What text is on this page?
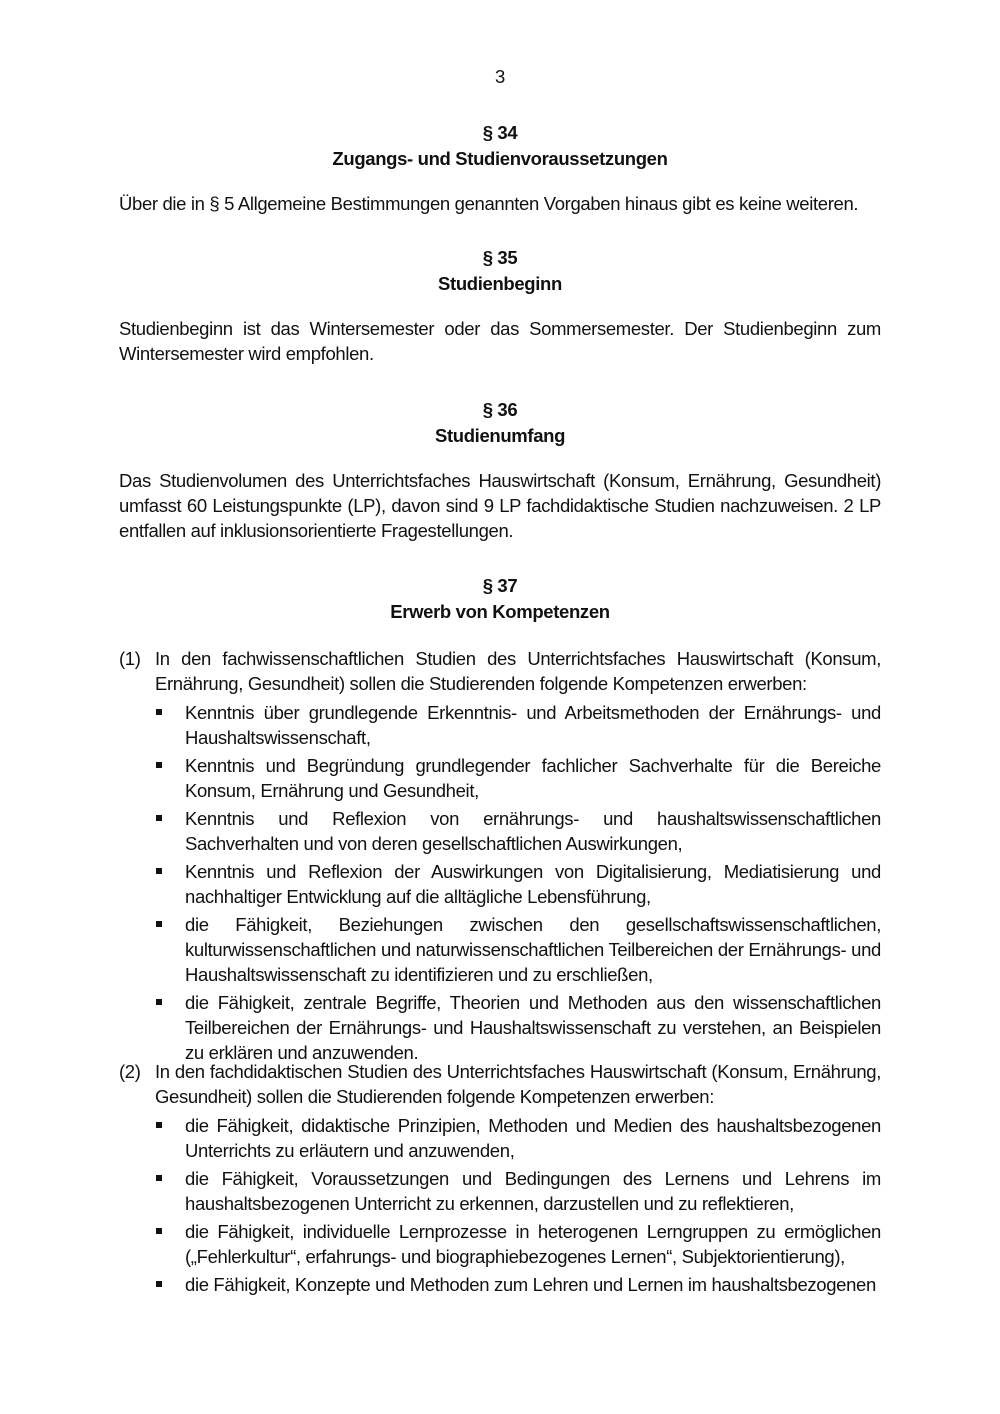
3

§ 34

Zugangs- und Studienvoraussetzungen

Über die in § 5 Allgemeine Bestimmungen genannten Vorgaben hinaus gibt es keine weiteren.

§ 35

Studienbeginn

Studienbeginn ist das Wintersemester oder das Sommersemester. Der Studienbeginn zum Wintersemester wird empfohlen.

§ 36

Studienumfang

Das Studienvolumen des Unterrichtsfaches Hauswirtschaft (Konsum, Ernährung, Gesundheit) umfasst 60 Leistungspunkte (LP), davon sind 9 LP fachdidaktische Studien nachzuweisen. 2 LP entfallen auf inklusionsorientierte Fragestellungen.

§ 37

Erwerb von Kompetenzen

(1) In den fachwissenschaftlichen Studien des Unterrichtsfaches Hauswirtschaft (Konsum, Ernährung, Gesundheit) sollen die Studierenden folgende Kompetenzen erwerben:

Kenntnis über grundlegende Erkenntnis- und Arbeitsmethoden der Ernährungs- und Haushaltswissenschaft,
Kenntnis und Begründung grundlegender fachlicher Sachverhalte für die Bereiche Konsum, Ernährung und Gesundheit,
Kenntnis und Reflexion von ernährungs- und haushaltswissenschaftlichen Sachverhalten und von deren gesellschaftlichen Auswirkungen,
Kenntnis und Reflexion der Auswirkungen von Digitalisierung, Mediatisierung und nachhaltiger Entwicklung auf die alltägliche Lebensführung,
die Fähigkeit, Beziehungen zwischen den gesellschaftswissenschaftlichen, kulturwissenschaftlichen und naturwissenschaftlichen Teilbereichen der Ernährungs- und Haushaltswissenschaft zu identifizieren und zu erschließen,
die Fähigkeit, zentrale Begriffe, Theorien und Methoden aus den wissenschaftlichen Teilbereichen der Ernährungs- und Haushaltswissenschaft zu verstehen, an Beispielen zu erklären und anzuwenden.
(2) In den fachdidaktischen Studien des Unterrichtsfaches Hauswirtschaft (Konsum, Ernährung, Gesundheit) sollen die Studierenden folgende Kompetenzen erwerben:

die Fähigkeit, didaktische Prinzipien, Methoden und Medien des haushaltsbezogenen Unterrichts zu erläutern und anzuwenden,
die Fähigkeit, Voraussetzungen und Bedingungen des Lernens und Lehrens im haushaltsbezogenen Unterricht zu erkennen, darzustellen und zu reflektieren,
die Fähigkeit, individuelle Lernprozesse in heterogenen Lerngruppen zu ermöglichen („Fehlerkultur“, erfahrungs- und biographiebezogenes Lernen“, Subjektorientierung),
die Fähigkeit, Konzepte und Methoden zum Lehren und Lernen im haushaltsbezogenen
